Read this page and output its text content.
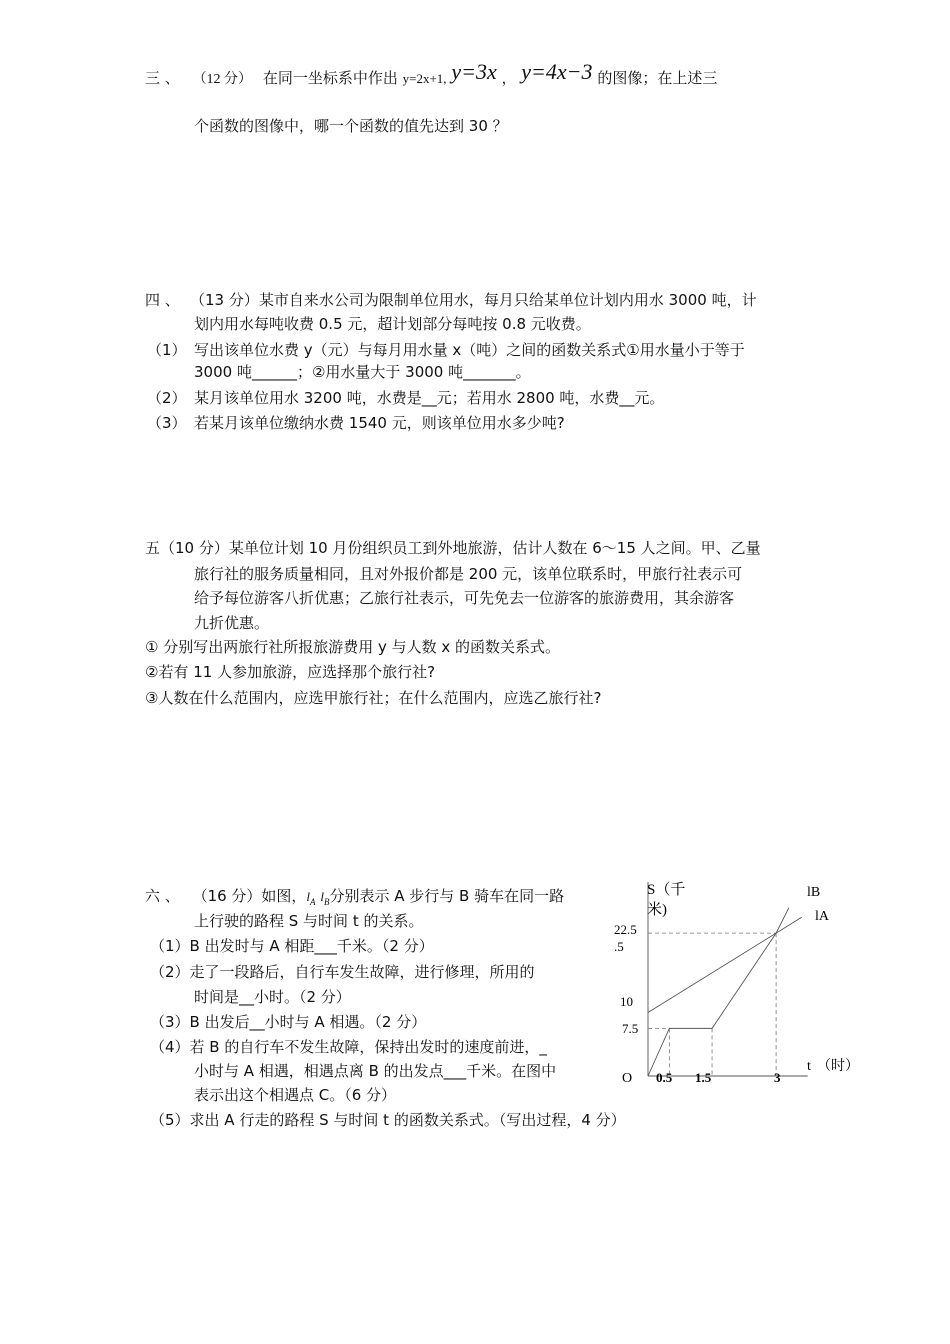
三 、 （12 分） 在同一坐标系中作出 y=2x+1, y=3x ， y=4x−3 的图像；在上述三
个函数的图像中，哪一个函数的值先达到 30 ？
四 、 （13 分）某市自来水公司为限制单位用水，每月只给某单位计划内用水 3000 吨，计
划内用水每吨收费 0.5 元，超计划部分每吨按 0.8 元收费。
（1） 写出该单位水费 y（元）与每月用水量 x（吨）之间的函数关系式①用水量小于等于
3000 吨______；②用水量大于 3000 吨_______。
（2） 某月该单位用水 3200 吨，水费是__元；若用水 2800 吨，水费__元。
（3） 若某月该单位缴纳水费 1540 元，则该单位用水多少吨?
五（10 分）某单位计划 10 月份组织员工到外地旅游，估计人数在 6～15 人之间。甲、乙量
旅行社的服务质量相同，且对外报价都是 200 元，该单位联系时，甲旅行社表示可
给予每位游客八折优惠；乙旅行社表示，可先免去一位游客的旅游费用，其余游客
九折优惠。
① 分别写出两旅行社所报旅游费用 y 与人数 x 的函数关系式。
②若有 11 人参加旅游，应选择那个旅行社?
③人数在什么范围内，应选甲旅行社；在什么范围内，应选乙旅行社?
六 、 （16 分）如图，$l_A$ $l_B$分别表示 A 步行与 B 骑车在同一路
上行驶的路程 S 与时间 t 的关系。
（1）B 出发时与 A 相距___千米。（2 分）
（2）走了一段路后，自行车发生故障，进行修理，所用的
时间是__小时。（2 分）
（3）B 出发后__小时与 A 相遇。（2 分）
（4）若 B 的自行车不发生故障，保持出发时的速度前进，_
小时与 A 相遇，相遇点离 B 的出发点___千米。在图中
表示出这个相遇点 C。（6 分）
（5）求出 A 行走的路程 S 与时间 t 的函数关系式。（写出过程，4 分）
S（千
米)
t （时）
O
22.5
.5
10
7.5
0.5 1.5	3
lB
lA
